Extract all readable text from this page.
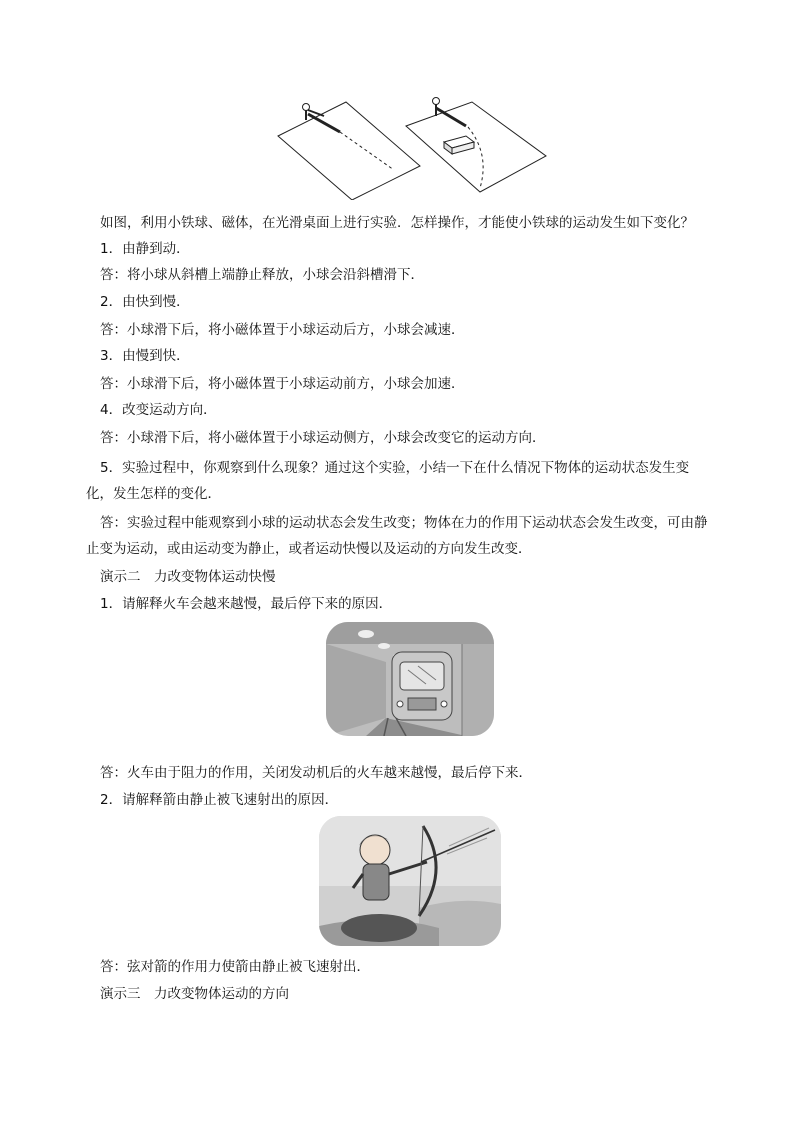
如图，利用小铁球、磁体，在光滑桌面上进行实验．怎样操作，才能使小铁球的运动发生如下变化？
1．由静到动．
答：将小球从斜槽上端静止释放，小球会沿斜槽滑下．
2．由快到慢．
答：小球滑下后，将小磁体置于小球运动后方，小球会减速．
3．由慢到快．
答：小球滑下后，将小磁体置于小球运动前方，小球会加速．
4．改变运动方向．
答：小球滑下后，将小磁体置于小球运动侧方，小球会改变它的运动方向．
5．实验过程中，你观察到什么现象？通过这个实验，小结一下在什么情况下物体的运动状态发生变化，发生怎样的变化．
答：实验过程中能观察到小球的运动状态会发生改变；物体在力的作用下运动状态会发生改变，可由静止变为运动，或由运动变为静止，或者运动快慢以及运动的方向发生改变．
演示二　力改变物体运动快慢
1．请解释火车会越来越慢，最后停下来的原因．
答：火车由于阻力的作用，关闭发动机后的火车越来越慢，最后停下来．
2．请解释箭由静止被飞速射出的原因．
答：弦对箭的作用力使箭由静止被飞速射出．
演示三　力改变物体运动的方向
